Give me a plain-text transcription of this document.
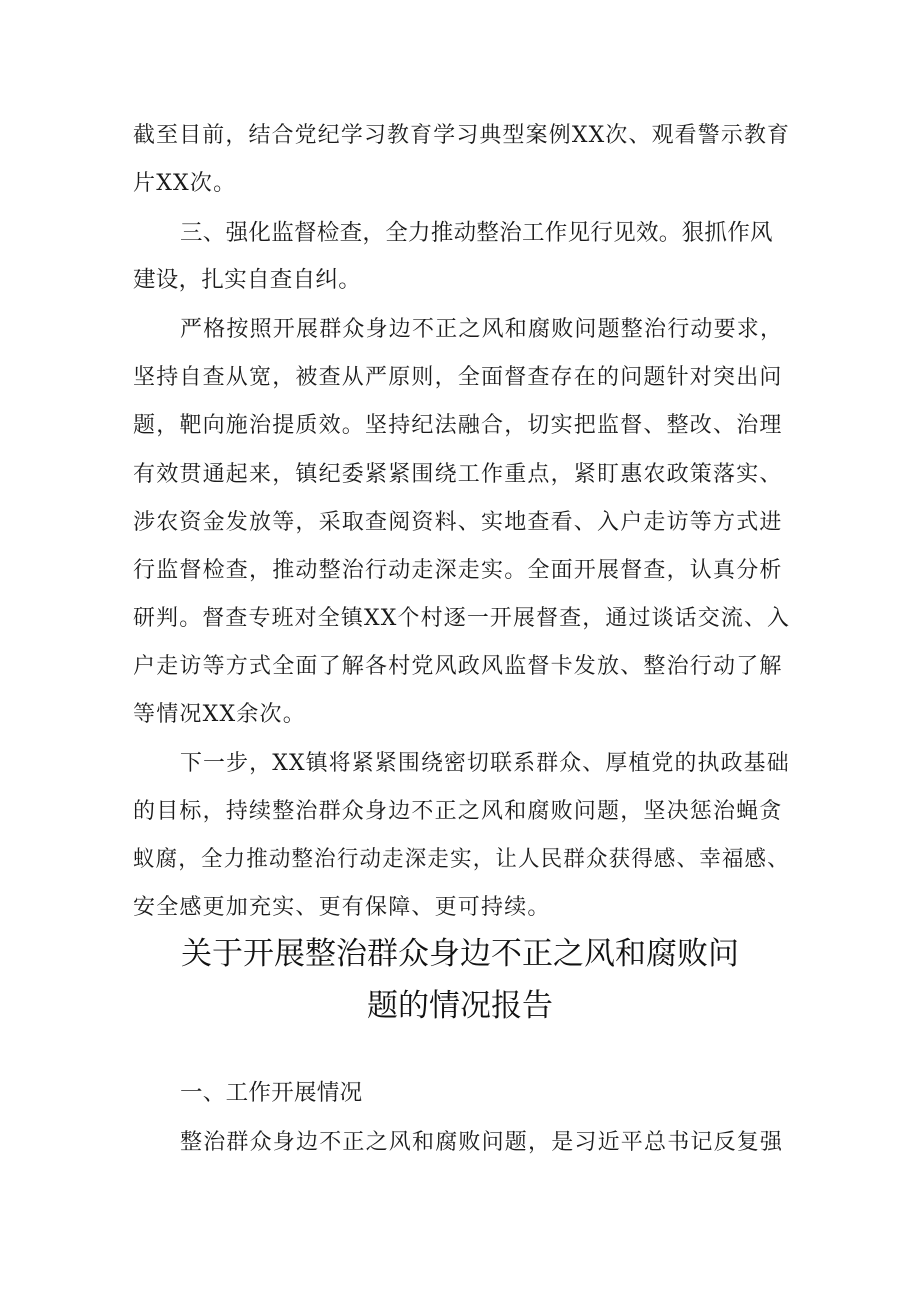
截至目前，结合党纪学习教育学习典型案例XX次、观看警示教育

片XX次。

三、强化监督检查，全力推动整治工作见行见效。狠抓作风

建设，扎实自查自纠。

严格按照开展群众身边不正之风和腐败问题整治行动要求，

坚持自查从宽，被查从严原则，全面督查存在的问题针对突出问

题，靶向施治提质效。坚持纪法融合，切实把监督、整改、治理

有效贯通起来，镇纪委紧紧围绕工作重点，紧盯惠农政策落实、

涉农资金发放等，采取查阅资料、实地查看、入户走访等方式进

行监督检查，推动整治行动走深走实。全面开展督查，认真分析

研判。督查专班对全镇XX个村逐一开展督查，通过谈话交流、入

户走访等方式全面了解各村党风政风监督卡发放、整治行动了解

等情况XX余次。

下一步，XX镇将紧紧围绕密切联系群众、厚植党的执政基础

的目标，持续整治群众身边不正之风和腐败问题，坚决惩治蝇贪

蚁腐，全力推动整治行动走深走实，让人民群众获得感、幸福感、

安全感更加充实、更有保障、更可持续。

关于开展整治群众身边不正之风和腐败问

题的情况报告

一、工作开展情况

整治群众身边不正之风和腐败问题，是习近平总书记反复强
